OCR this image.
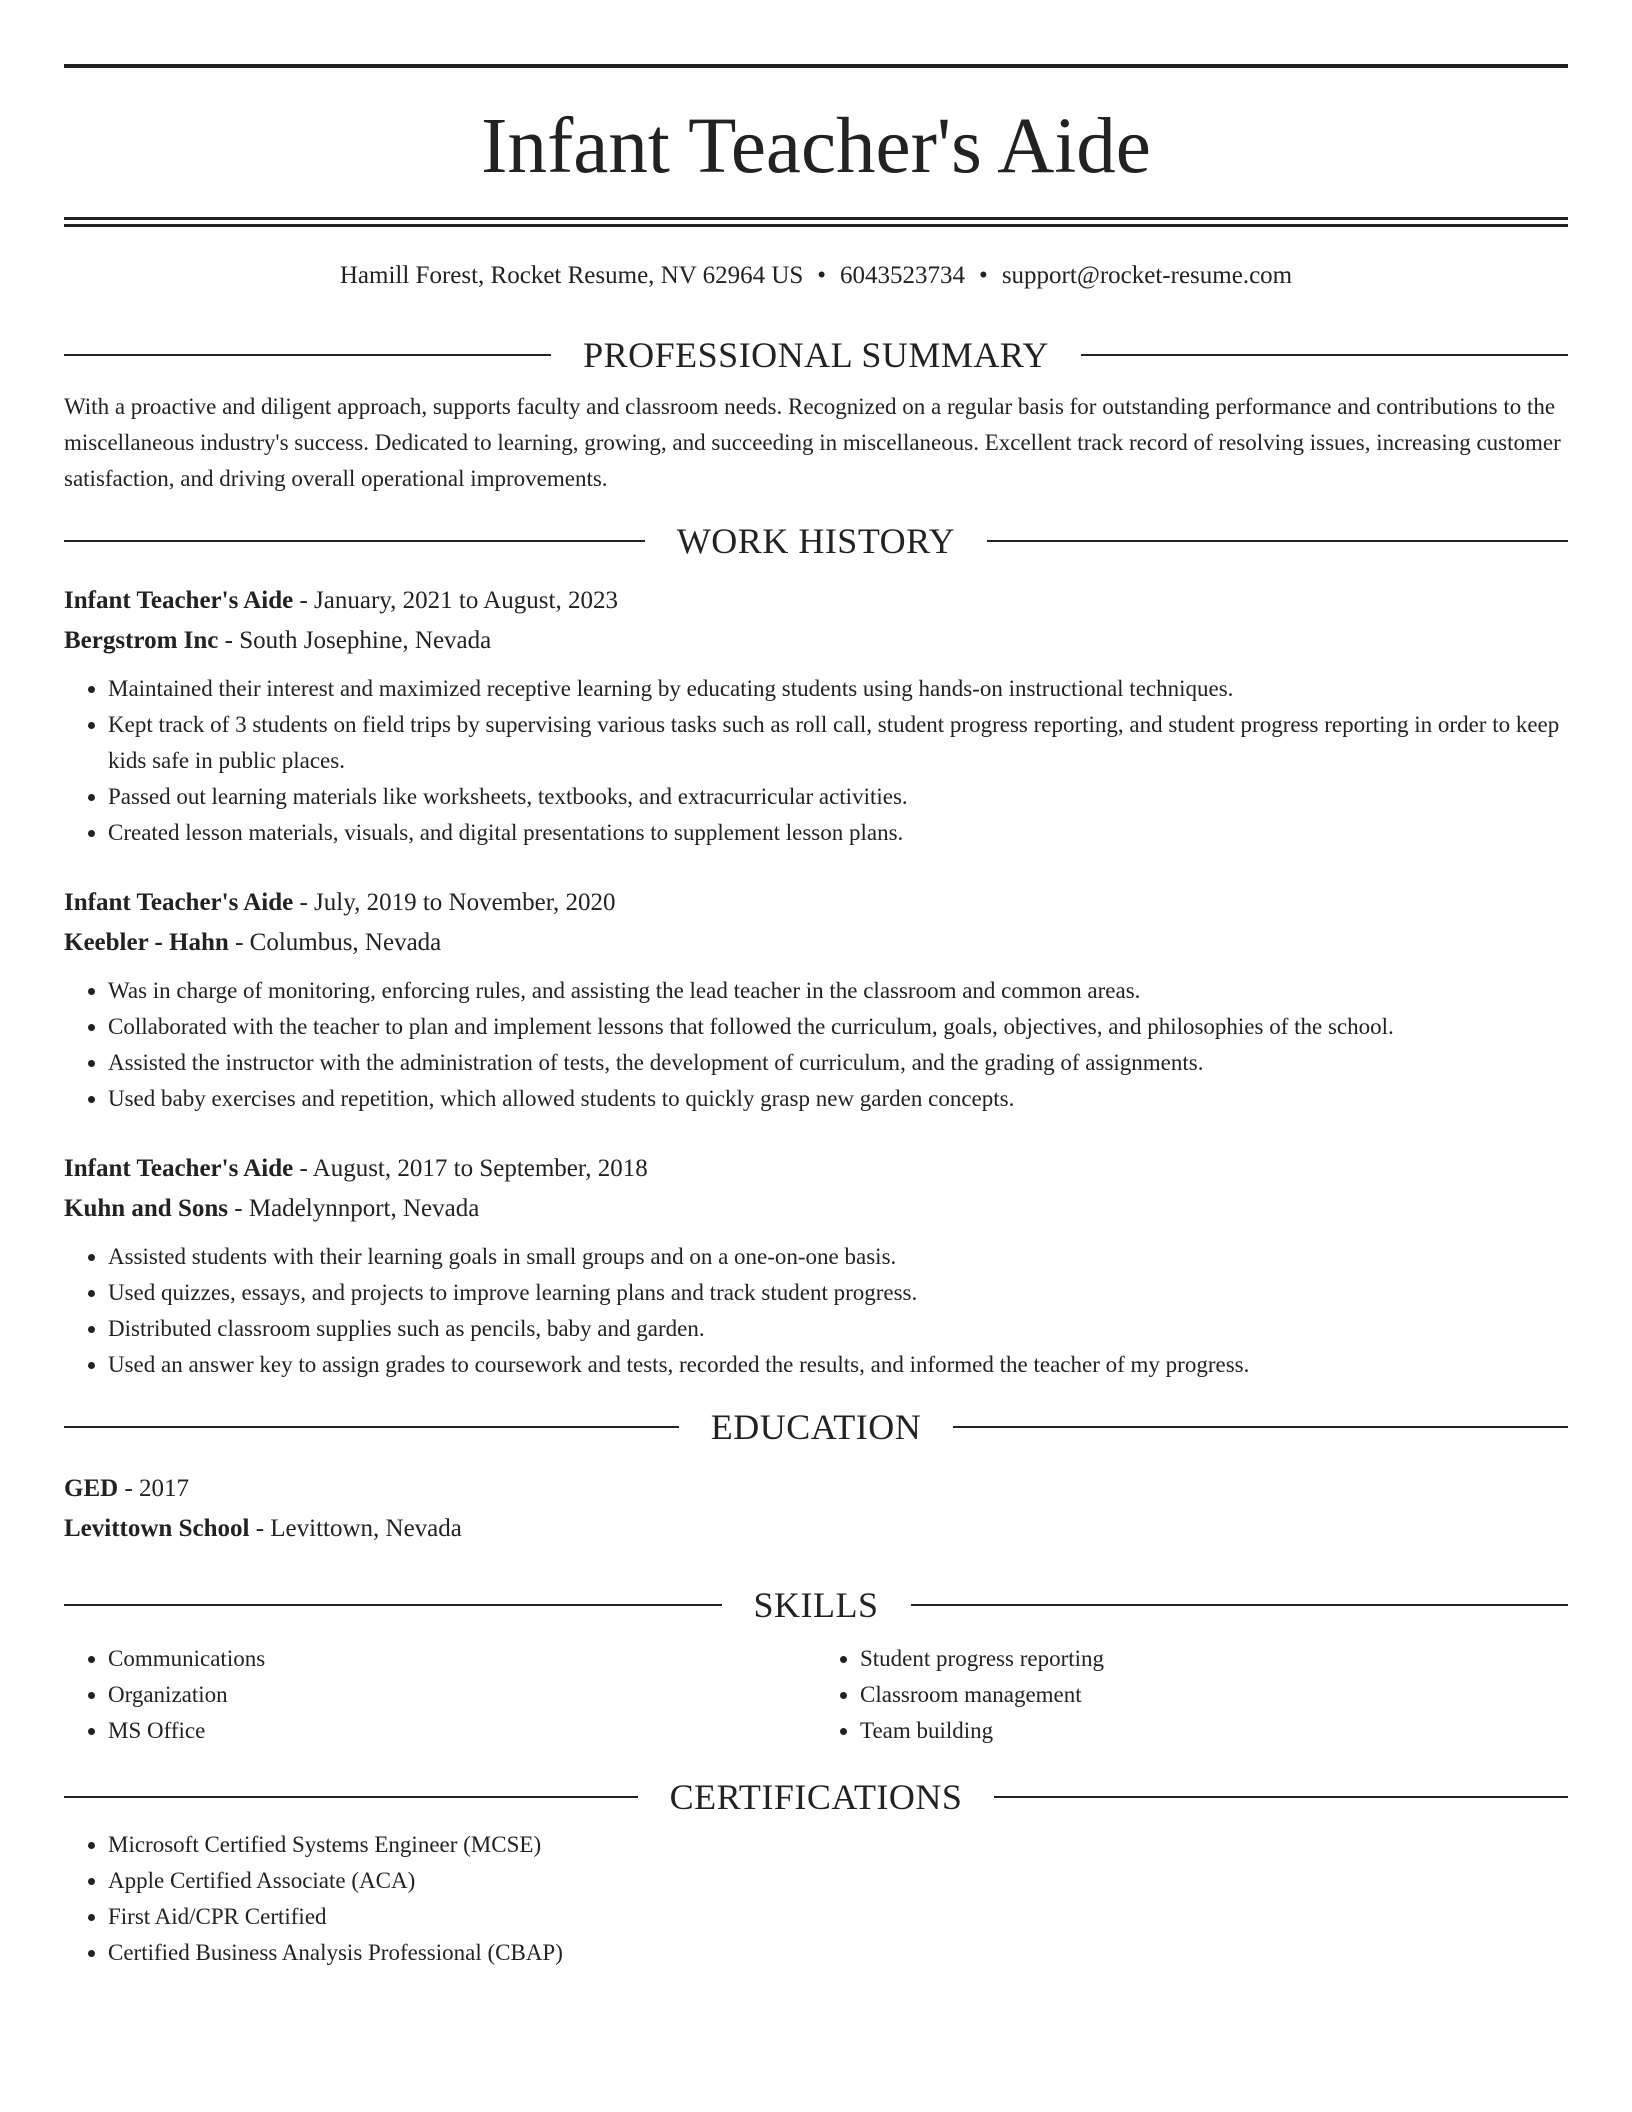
Infant Teacher's Aide
Hamill Forest, Rocket Resume, NV 62964 US • 6043523734 • support@rocket-resume.com
PROFESSIONAL SUMMARY
With a proactive and diligent approach, supports faculty and classroom needs. Recognized on a regular basis for outstanding performance and contributions to the miscellaneous industry's success. Dedicated to learning, growing, and succeeding in miscellaneous. Excellent track record of resolving issues, increasing customer satisfaction, and driving overall operational improvements.
WORK HISTORY
Infant Teacher's Aide - January, 2021 to August, 2023
Bergstrom Inc - South Josephine, Nevada
• Maintained their interest and maximized receptive learning by educating students using hands-on instructional techniques.
• Kept track of 3 students on field trips by supervising various tasks such as roll call, student progress reporting, and student progress reporting in order to keep kids safe in public places.
• Passed out learning materials like worksheets, textbooks, and extracurricular activities.
• Created lesson materials, visuals, and digital presentations to supplement lesson plans.
Infant Teacher's Aide - July, 2019 to November, 2020
Keebler - Hahn - Columbus, Nevada
• Was in charge of monitoring, enforcing rules, and assisting the lead teacher in the classroom and common areas.
• Collaborated with the teacher to plan and implement lessons that followed the curriculum, goals, objectives, and philosophies of the school.
• Assisted the instructor with the administration of tests, the development of curriculum, and the grading of assignments.
• Used baby exercises and repetition, which allowed students to quickly grasp new garden concepts.
Infant Teacher's Aide - August, 2017 to September, 2018
Kuhn and Sons - Madelynnport, Nevada
• Assisted students with their learning goals in small groups and on a one-on-one basis.
• Used quizzes, essays, and projects to improve learning plans and track student progress.
• Distributed classroom supplies such as pencils, baby and garden.
• Used an answer key to assign grades to coursework and tests, recorded the results, and informed the teacher of my progress.
EDUCATION
GED - 2017
Levittown School - Levittown, Nevada
SKILLS
• Communications
• Organization
• MS Office
• Student progress reporting
• Classroom management
• Team building
CERTIFICATIONS
• Microsoft Certified Systems Engineer (MCSE)
• Apple Certified Associate (ACA)
• First Aid/CPR Certified
• Certified Business Analysis Professional (CBAP)
